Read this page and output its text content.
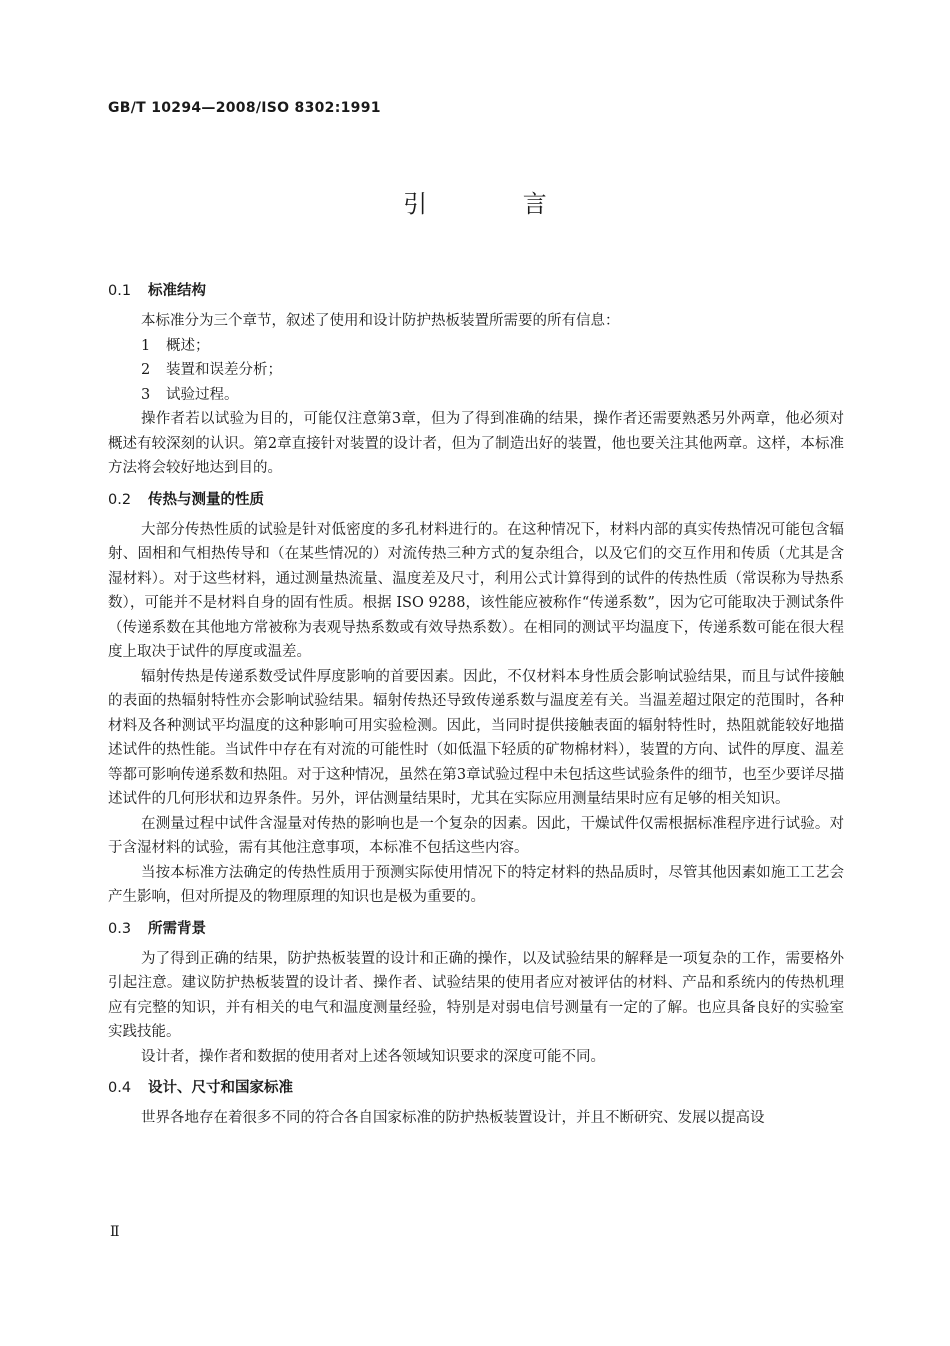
GB/T 10294—2008/ISO 8302:1991
引 言
0.1 标准结构

本标准分为三个章节，叙述了使用和设计防护热板装置所需要的所有信息：

1 概述；

2 装置和误差分析；

3 试验过程。

操作者若以试验为目的，可能仅注意第3章，但为了得到准确的结果，操作者还需要熟悉另外两章，他必须对概述有较深刻的认识。第2章直接针对装置的设计者，但为了制造出好的装置，他也要关注其他两章。这样，本标准方法将会较好地达到目的。

0.2 传热与测量的性质

大部分传热性质的试验是针对低密度的多孔材料进行的。在这种情况下，材料内部的真实传热情况可能包含辐射、固相和气相热传导和（在某些情况的）对流传热三种方式的复杂组合，以及它们的交互作用和传质（尤其是含湿材料）。对于这些材料，通过测量热流量、温度差及尺寸，利用公式计算得到的试件的传热性质（常误称为导热系数），可能并不是材料自身的固有性质。根据 ISO 9288，该性能应被称作“传递系数”，因为它可能取决于测试条件（传递系数在其他地方常被称为表观导热系数或有效导热系数）。在相同的测试平均温度下，传递系数可能在很大程度上取决于试件的厚度或温差。

辐射传热是传递系数受试件厚度影响的首要因素。因此，不仅材料本身性质会影响试验结果，而且与试件接触的表面的热辐射特性亦会影响试验结果。辐射传热还导致传递系数与温度差有关。当温差超过限定的范围时，各种材料及各种测试平均温度的这种影响可用实验检测。因此，当同时提供接触表面的辐射特性时，热阻就能较好地描述试件的热性能。当试件中存在有对流的可能性时（如低温下轻质的矿物棉材料），装置的方向、试件的厚度、温差等都可影响传递系数和热阻。对于这种情况，虽然在第3章试验过程中未包括这些试验条件的细节，也至少要详尽描述试件的几何形状和边界条件。另外，评估测量结果时，尤其在实际应用测量结果时应有足够的相关知识。

在测量过程中试件含湿量对传热的影响也是一个复杂的因素。因此，干燥试件仅需根据标准程序进行试验。对于含湿材料的试验，需有其他注意事项，本标准不包括这些内容。

当按本标准方法确定的传热性质用于预测实际使用情况下的特定材料的热品质时，尽管其他因素如施工工艺会产生影响，但对所提及的物理原理的知识也是极为重要的。

0.3 所需背景

为了得到正确的结果，防护热板装置的设计和正确的操作，以及试验结果的解释是一项复杂的工作，需要格外引起注意。建议防护热板装置的设计者、操作者、试验结果的使用者应对被评估的材料、产品和系统内的传热机理应有完整的知识，并有相关的电气和温度测量经验，特别是对弱电信号测量有一定的了解。也应具备良好的实验室实践技能。

设计者，操作者和数据的使用者对上述各领域知识要求的深度可能不同。

0.4 设计、尺寸和国家标准

世界各地存在着很多不同的符合各自国家标准的防护热板装置设计，并且不断研究、发展以提高设

Ⅱ
